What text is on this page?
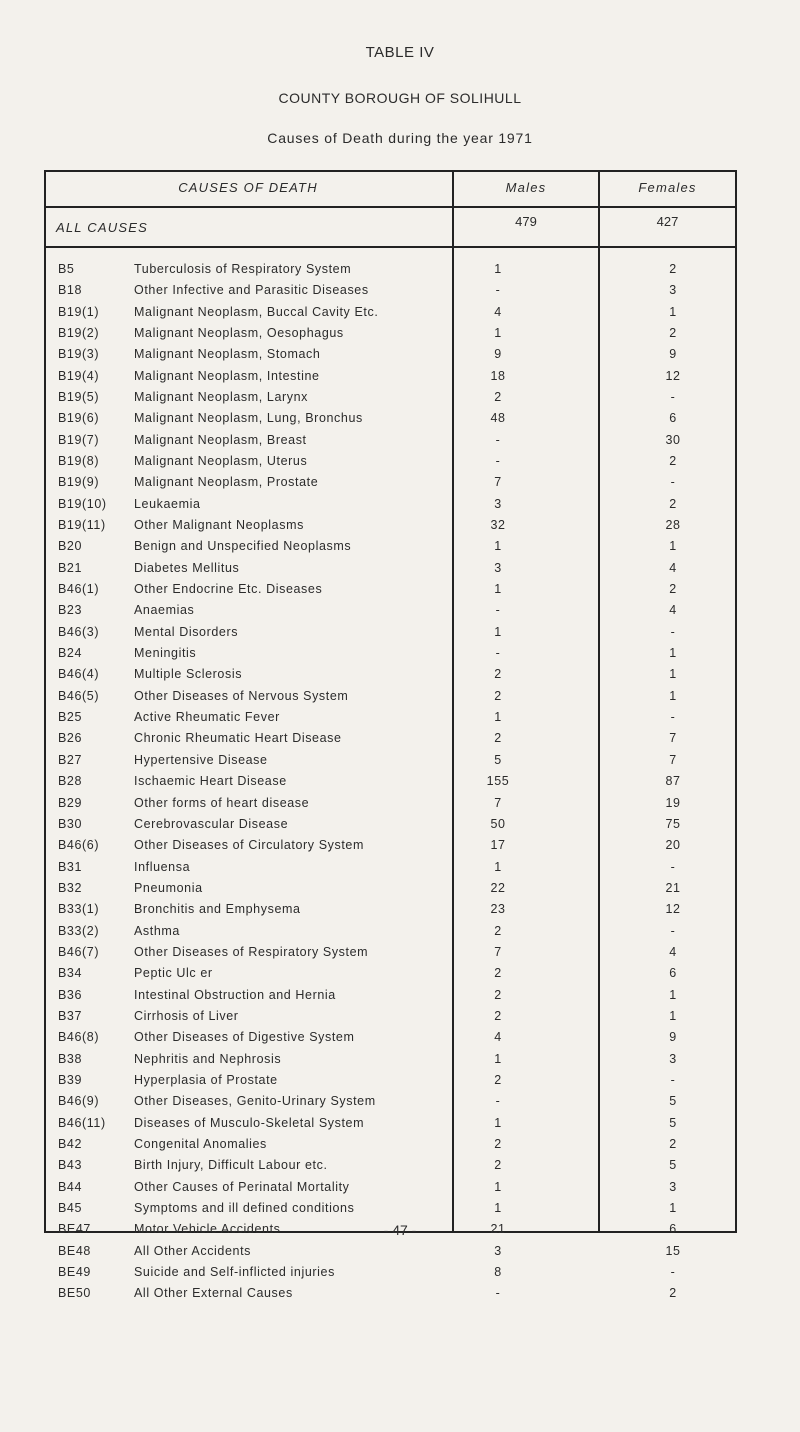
TABLE IV
COUNTY BOROUGH OF SOLIHULL
Causes of Death during the year 1971
CAUSES OF DEATH	Males	Females
ALL CAUSES	479	427
B5	Tuberculosis of Respiratory System	1	2
B18	Other Infective and Parasitic Diseases	-	3
B19(1)	Malignant Neoplasm, Buccal Cavity Etc.	4	1
B19(2)	Malignant Neoplasm, Oesophagus	1	2
B19(3)	Malignant Neoplasm, Stomach	9	9
B19(4)	Malignant Neoplasm, Intestine	18	12
B19(5)	Malignant Neoplasm, Larynx	2	-
B19(6)	Malignant Neoplasm, Lung, Bronchus	48	6
B19(7)	Malignant Neoplasm, Breast	-	30
B19(8)	Malignant Neoplasm, Uterus	-	2
B19(9)	Malignant Neoplasm, Prostate	7	-
B19(10) Leukaemia	3	2
B19(11) Other Malignant Neoplasms	32	28
B20	Benign and Unspecified Neoplasms	1	1
B21	Diabetes Mellitus	3	4
B46(1)	Other Endocrine Etc. Diseases	1	2
B23	Anaemias	-	4
B46(3)	Mental Disorders	1	-
B24	Meningitis	-	1
B46(4)	Multiple Sclerosis	2	1
B46(5)	Other Diseases of Nervous System	2	1
B25	Active Rheumatic Fever	1	-
B26	Chronic Rheumatic Heart Disease	2	7
B27	Hypertensive Disease	5	7
B28	Ischaemic Heart Disease	155	87
B29	Other forms of heart disease	7	19
B30	Cerebrovascular Disease	50	75
B46(6)	Other Diseases of Circulatory System	17	20
B31	Influensa	1	-
B32	Pneumonia	22	21
B33(1)	Bronchitis and Emphysema	23	12
B33(2)	Asthma	2	-
B46(7)	Other Diseases of Respiratory System	7	4
B34	Peptic Ulc er	2	6
B36	Intestinal Obstruction and Hernia	2	1
B37	Cirrhosis of Liver	2	1
B46(8)	Other Diseases of Digestive System	4	9
B38	Nephritis and Nephrosis	1	3
B39	Hyperplasia of Prostate	2	-
B46(9)	Other Diseases, Genito-Urinary System	-	5
B46(11) Diseases of Musculo-Skeletal System	1	5
B42	Congenital Anomalies	2	2
B43	Birth Injury, Difficult Labour etc.	2	5
B44	Other Causes of Perinatal Mortality	1	3
B45	Symptoms and ill defined conditions	1	1
BE47	Motor Vehicle Accidents	21	6
BE48	All Other Accidents	3	15
BE49	Suicide and Self-inflicted injuries	8	-
BE50	All Other External Causes	-	2
- 47 -
